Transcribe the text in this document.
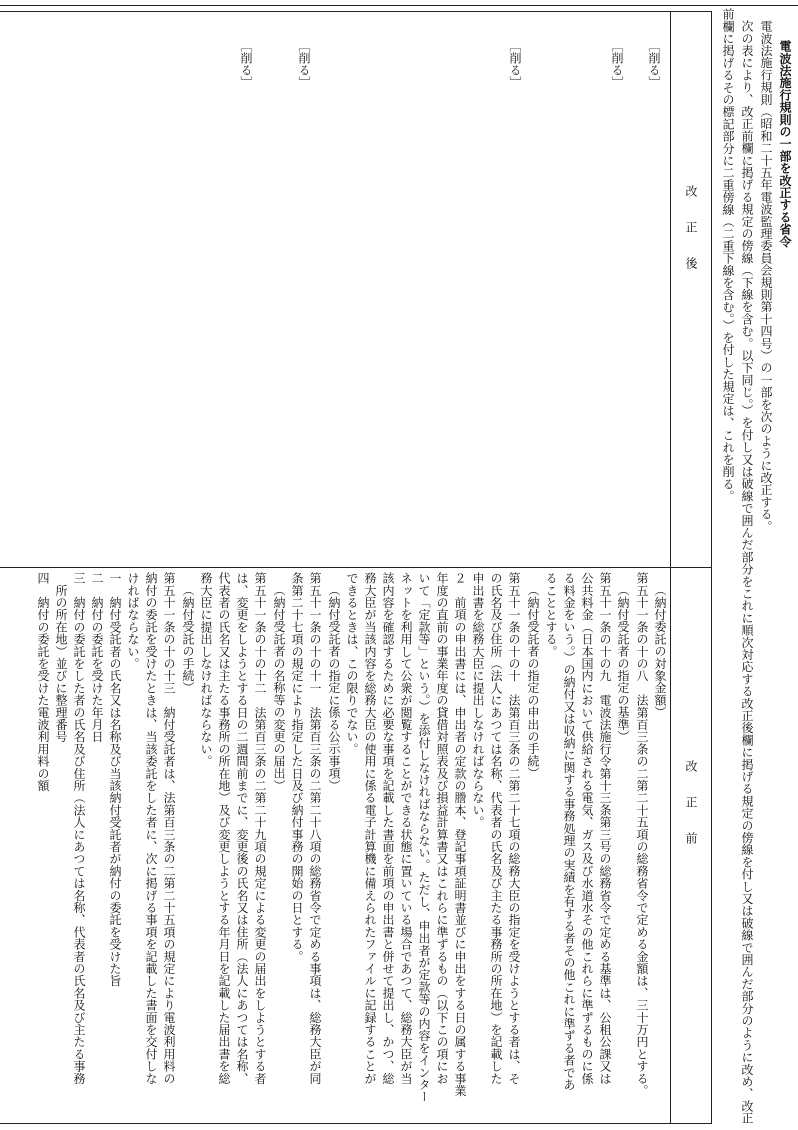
電波法施行規則の一部を改正する省令
電波法施行規則（昭和二十五年電波監理委員会規則第十四号）の一部を次のように改正する。
次の表により、改正前欄に掲げる規定の傍線（下線を含む。以下同じ。）を付し又は破線で囲んだ部分をこれに順次対応する改正後欄に掲げる規定の傍線を付し又は破線で囲んだ部分のように改め、改正
前欄に掲げるその標記部分に二重傍線（二重下線を含む。）を付した規定は、これを削る。
改　　正　　後
改　　正　　前
［削る］
［削る］
［削る］
［削る］
［削る］
（納付委託の対象金額）
第五十一条の十の八　法第百三条の二第二十五項の総務省令で定める金額は、三十万円とする。
（納付受託者の指定の基準）
第五十一条の十の九　電波法施行令第十三条第三号の総務省令で定める基準は、公租公課又は
公共料金（日本国内において供給される電気、ガス及び水道水その他これらに準ずるものに係
る料金をいう。）の納付又は収納に関する事務処理の実績を有する者その他これに準ずる者であ
ることとする。
（納付受託者の指定の申出の手続）
第五十一条の十の十　法第百三条の二第二十七項の総務大臣の指定を受けようとする者は、そ
の氏名及び住所（法人にあつては名称、代表者の氏名及び主たる事務所の所在地）を記載した
申出書を総務大臣に提出しなければならない。
２　前項の申出書には、申出者の定款の謄本、登記事項証明書並びに申出をする日の属する事業
年度の直前の事業年度の貸借対照表及び損益計算書又はこれらに準ずるもの（以下この項にお
いて「定款等」という。）を添付しなければならない。ただし、申出者が定款等の内容をインター
ネットを利用して公衆が閲覧することができる状態に置いている場合であつて、総務大臣が当
該内容を確認するために必要な事項を記載した書面を前項の申出書と併せて提出し、かつ、総
務大臣が当該内容を総務大臣の使用に係る電子計算機に備えられたファイルに記録することが
できるときは、この限りでない。
（納付受託者の指定に係る公示事項）
第五十一条の十の十一　法第百三条の二第二十八項の総務省令で定める事項は、総務大臣が同
条第二十七項の規定により指定した日及び納付事務の開始の日とする。
（納付受託者の名称等の変更の届出）
第五十一条の十の十二　法第百三条の二第二十九項の規定による変更の届出をしようとする者
は、変更をしようとする日の二週間前までに、変更後の氏名又は住所（法人にあつては名称、
代表者の氏名又は主たる事務所の所在地）及び変更しようとする年月日を記載した届出書を総
務大臣に提出しなければならない。
（納付受託の手続）
第五十一条の十の十三　納付受託者は、法第百三条の二第二十五項の規定により電波利用料の
納付の委託を受けたときは、当該委託をした者に、次に掲げる事項を記載した書面を交付しな
ければならない。
一　納付受託者の氏名又は名称及び当該納付受託者が納付の委託を受けた旨
二　納付の委託を受けた年月日
三　納付の委託をした者の氏名及び住所（法人にあつては名称、代表者の氏名及び主たる事務
　所の所在地）並びに整理番号
四　納付の委託を受けた電波利用料の額
